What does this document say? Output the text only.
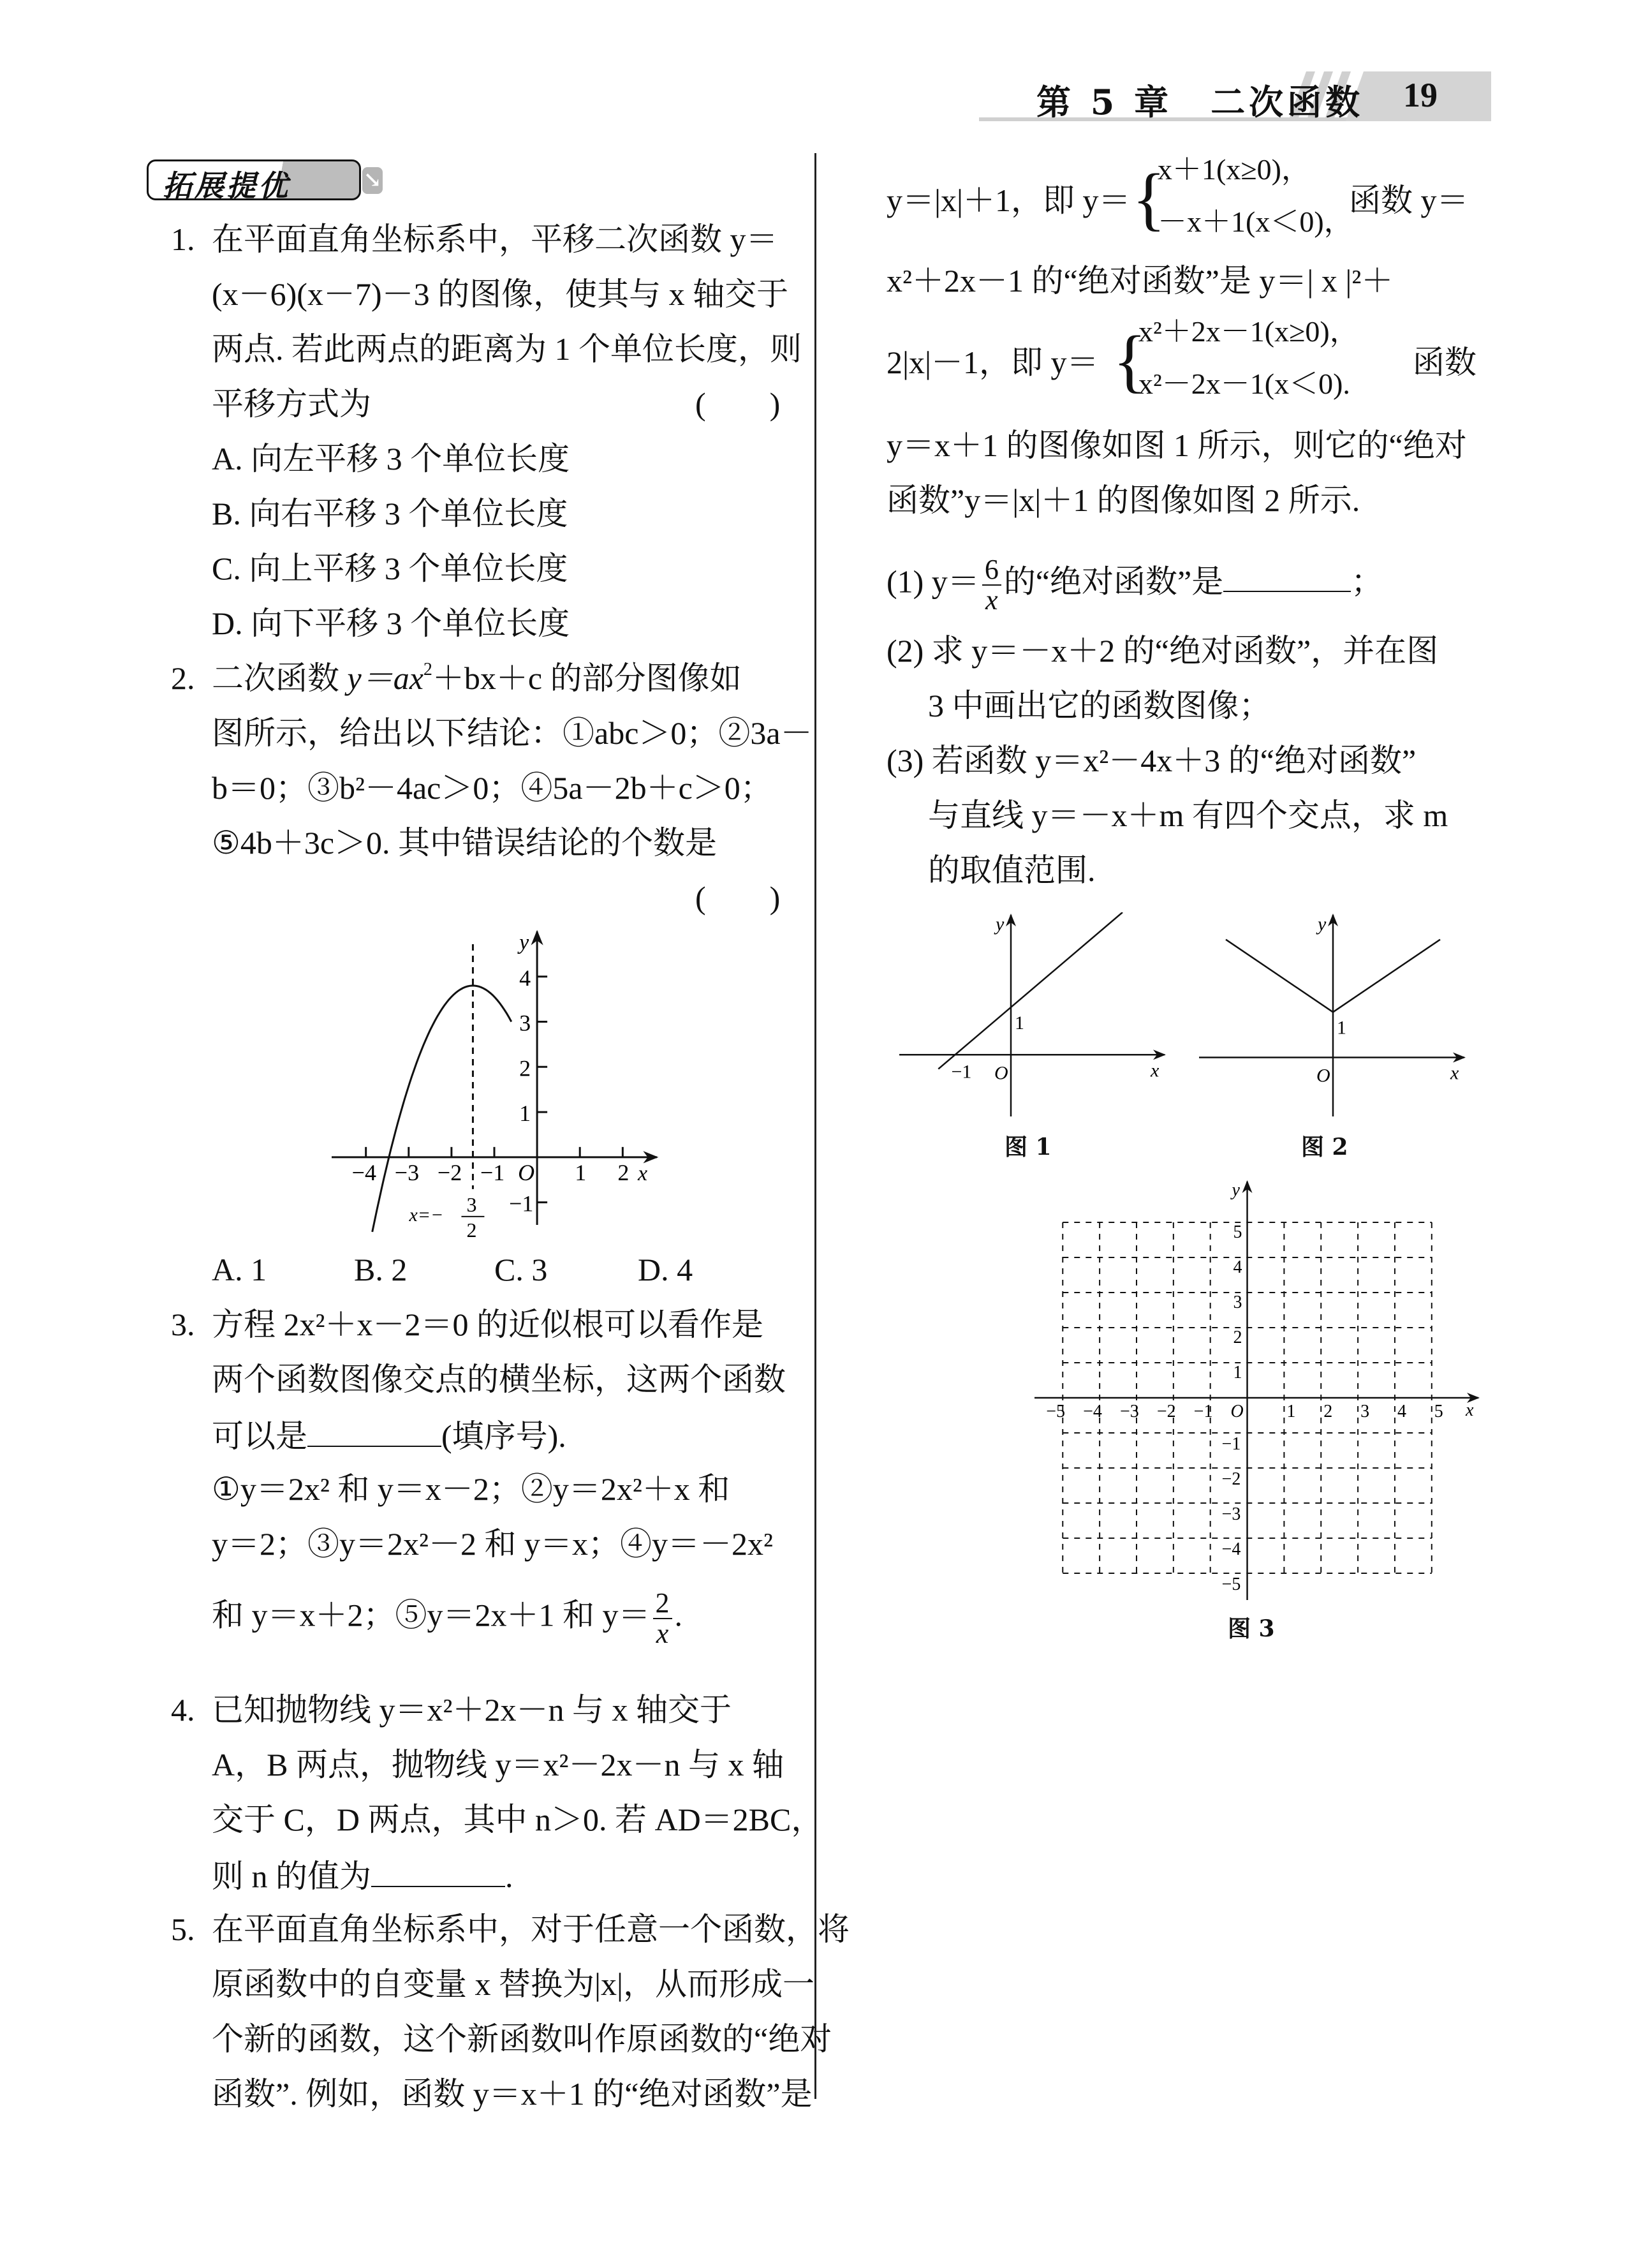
第 5 章　 二次函数 19
拓展提优	↘
1. 在平面直角坐标系中，平移二次函数 y＝
(x－6)(x－7)－3 的图像，使其与 x 轴交于
两点. 若此两点的距离为 1 个单位长度，则
平移方式为	(　　)
A. 向左平移 3 个单位长度
B. 向右平移 3 个单位长度
C. 向上平移 3 个单位长度
D. 向下平移 3 个单位长度
2. 二次函数 $y=ax^2+bx+c$ 的部分图像如
图所示，给出以下结论：①abc＞0；②3a－
b＝0；③b²－4ac＞0；④5a－2b＋c＞0；
⑤4b＋3c＞0. 其中错误结论的个数是
(　　)
−4 −3 −2 −1	1 2
4
3
2
1
−1
O	x
y
x=− 3
2
A. 1	B. 2	C. 3	D. 4
3. 方程 2x²＋x－2＝0 的近似根可以看作是
两个函数图像交点的横坐标，这两个函数
可以是	(填序号).
①y＝2x² 和 y＝x－2；②y＝2x²＋x 和
y＝2；③y＝2x²－2 和 y＝x；④y＝－2x²
和 y＝x＋2；⑤y＝2x＋1 和 $y= \frac{2}{x}$ .
4. 已知抛物线 y＝x²＋2x－n 与 x 轴交于
A，B 两点，抛物线 y＝x²－2x－n 与 x 轴
交于 C，D 两点，其中 n＞0. 若 AD＝2BC，
则 n 的值为	.
5. 在平面直角坐标系中，对于任意一个函数，将
原函数中的自变量 x 替换为|x|，从而形成一
个新的函数，这个新函数叫作原函数的“绝对
函数”. 例如，函数 y＝x＋1 的“绝对函数”是
y＝|x|＋1，即 y＝ {
x＋1(x≥0)，
－x＋1(x＜0)，
函数 y＝
x²＋2x－1 的“绝对函数”是 y＝| x |²＋
2|x|－1，即 y＝ {
x²＋2x－1(x≥0)，
x²－2x－1(x＜0).
函数
y＝x＋1 的图像如图 1 所示，则它的“绝对
函数”y＝|x|＋1 的图像如图 2 所示.
(1) $y= \frac{6}{x}$ 的“绝对函数”是	；
(2) 求 y＝－x＋2 的“绝对函数”，并在图
3 中画出它的函数图像；
(3) 若函数 y＝x²－4x＋3 的“绝对函数”
与直线 y＝－x＋m 有四个交点，求 m
的取值范围.
x
y
O
−1
1
x
y
O
1
图 1	图 2
−5 −4 −3 −2 −1	1 2 3 4 5
5
4
3
2
1
−1
−2
−3
−4
−5
O	x
y
图 3
